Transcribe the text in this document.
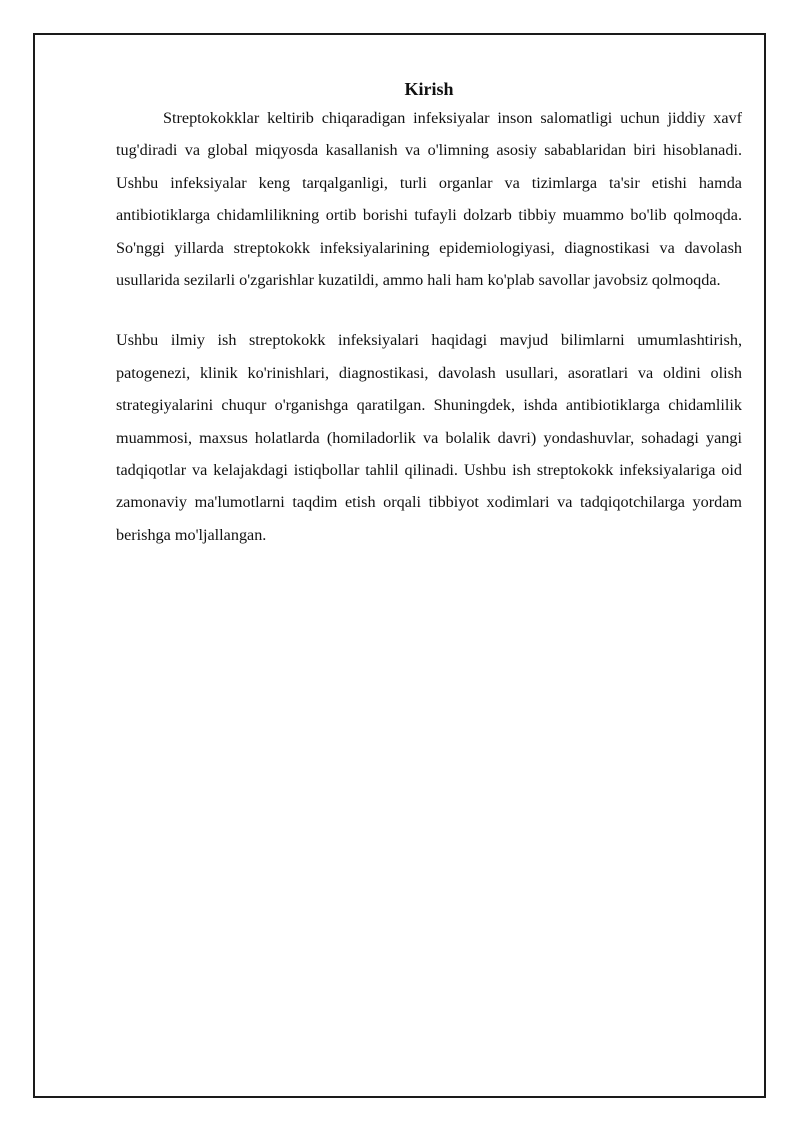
Kirish

Streptokokklar keltirib chiqaradigan infeksiyalar inson salomatligi uchun jiddiy xavf tug'diradi va global miqyosda kasallanish va o'limning asosiy sabablaridan biri hisoblanadi. Ushbu infeksiyalar keng tarqalganligi, turli organlar va tizimlarga ta'sir etishi hamda antibiotiklarga chidamlilikning ortib borishi tufayli dolzarb tibbiy muammo bo'lib qolmoqda. So'nggi yillarda streptokokk infeksiyalarining epidemiologiyasi, diagnostikasi va davolash usullarida sezilarli o'zgarishlar kuzatildi, ammo hali ham ko'plab savollar javobsiz qolmoqda.

Ushbu ilmiy ish streptokokk infeksiyalari haqidagi mavjud bilimlarni umumlashtirish, patogenezi, klinik ko'rinishlari, diagnostikasi, davolash usullari, asoratlari va oldini olish strategiyalarini chuqur o'rganishga qaratilgan. Shuningdek, ishda antibiotiklarga chidamlilik muammosi, maxsus holatlarda (homiladorlik va bolalik davri) yondashuvlar, sohadagi yangi tadqiqotlar va kelajakdagi istiqbollar tahlil qilinadi. Ushbu ish streptokokk infeksiyalariga oid zamonaviy ma'lumotlarni taqdim etish orqali tibbiyot xodimlari va tadqiqotchilarga yordam berishga mo'ljallangan.
